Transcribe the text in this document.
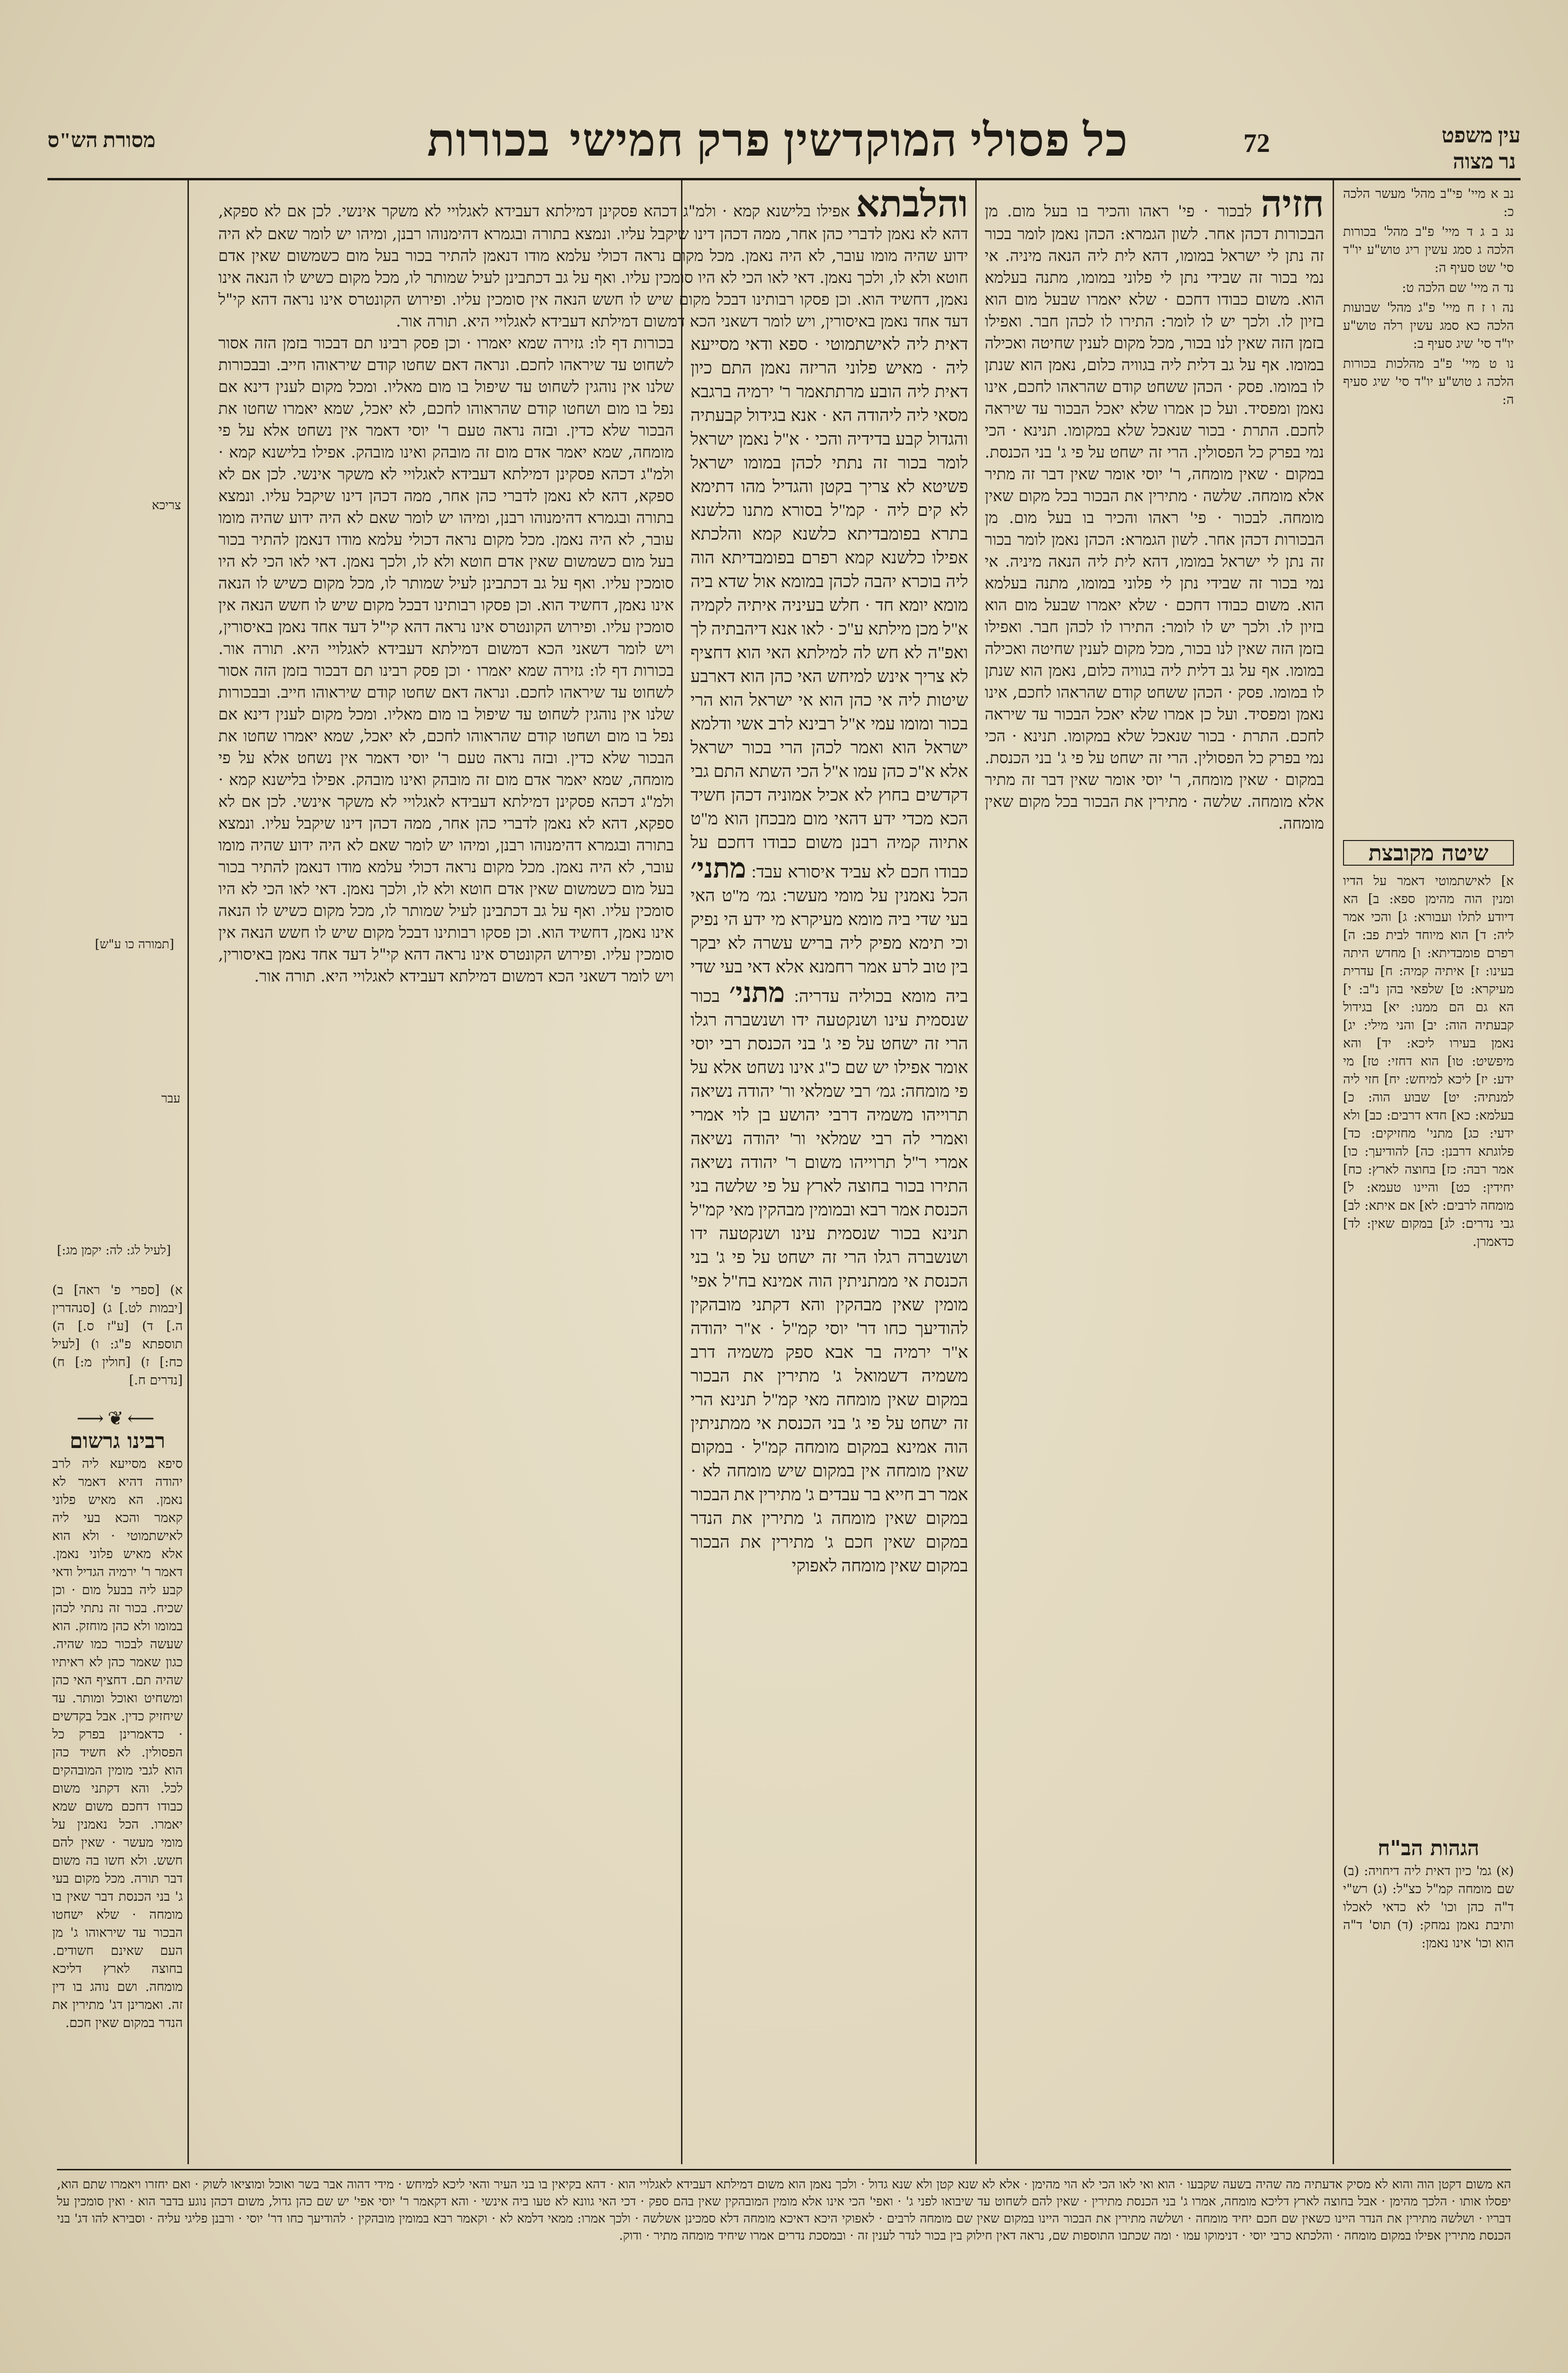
מסורת הש"ס	עין משפט
נר מצוה
72
כל פסולי המוקדשין פרק חמישי
בכורות
נב א מיי' פי"ב מהל' מעשר הלכה כ:
נג ב ג ד מיי' פ"ב מהל' בכורות הלכה ג סמג עשין ריג טוש"ע יו"ד סי' שט סעיף ה:
נד ה מיי' שם הלכה ט:
נה ו ז ח מיי' פ"ג מהל' שבועות הלכה כא סמג עשין רלה טוש"ע יו"ד סי' שיג סעיף ב:
נו ט מיי' פ"ב מהלכות בכורות הלכה ג טוש"ע יו"ד סי' שיג סעיף ה:
שיטה מקובצת
א] לאישתמוטי דאמר על הדיו ומנין הוה מהימן ספא: ב] הא דיודע לתלו ועבורא: ג] והכי אמר ליה: ד] הוא מיוחד לבית פב: ה] רפרם פומבדיתא: ו] מחדש היתה בעינו: ז] איתיה קמיה: ח] עדרית מעיקרא: ט] שלפאי בהן נ"ב: י] הא גם הם ממנו: יא] בגידול קבעתיה הוה: יב] והני מילי: יג] נאמן בעירו ליכא: יד] והא מיפשיט: טו] הוא דחזי: טז] מי ידע: יז] ליכא למיחש: יח] חזי ליה למנתיה: יט] שבוע הוה: כ] בעלמא: כא] חדא דרבים: כב] ולא ידעי: כג] מתני' מחזיקים: כד] פלוגתא דרבנן: כה] להודיעך: כו] אמר רבה: כז] בחוצה לארץ: כח] יחידין: כט] והיינו טעמא: ל] מומחה לרבים: לא] אם איתא: לב] גבי נדרים: לג] במקום שאין: לד] כדאמרן.
הגהות הב"ח
(א) גמ' כיון דאית ליה דיחויה: (ב) שם מומחה קמ"ל כצ"ל: (ג) רש"י ד"ה כהן וכו' לא כדאי לאכלו ותיבת נאמן נמחק: (ד) תוס' ד"ה הוא וכו' אינו נאמן:
חזיה לבכור · פי' ראהו והכיר בו בעל מום. מן הבכורות דכהן אחר. לשון הגמרא: הכהן נאמן לומר בכור זה נתן לי ישראל במומו, דהא לית ליה הנאה מיניה. אי נמי בכור זה שבידי נתן לי פלוני במומו, מתנה בעלמא הוא. משום כבודו דחכם · שלא יאמרו שבעל מום הוא בזיון לו. ולכך יש לו לומר: התירו לו לכהן חבר. ואפילו בזמן הזה שאין לנו בכור, מכל מקום לענין שחיטה ואכילה במומו. אף על גב דלית ליה בגוויה כלום, נאמן הוא שנתן לו במומו. פסק · הכהן ששחט קודם שהראהו לחכם, אינו נאמן ומפסיד. ועל כן אמרו שלא יאכל הבכור עד שיראה לחכם. התרת · בכור שנאכל שלא במקומו. תנינא · הכי נמי בפרק כל הפסולין. הרי זה ישחט על פי ג' בני הכנסת. במקום · שאין מומחה, ר' יוסי אומר שאין דבר זה מתיר אלא מומחה. שלשה · מתירין את הבכור בכל מקום שאין מומחה. לבכור · פי' ראהו והכיר בו בעל מום. מן הבכורות דכהן אחר. לשון הגמרא: הכהן נאמן לומר בכור זה נתן לי ישראל במומו, דהא לית ליה הנאה מיניה. אי נמי בכור זה שבידי נתן לי פלוני במומו, מתנה בעלמא הוא. משום כבודו דחכם · שלא יאמרו שבעל מום הוא בזיון לו. ולכך יש לו לומר: התירו לו לכהן חבר. ואפילו בזמן הזה שאין לנו בכור, מכל מקום לענין שחיטה ואכילה במומו. אף על גב דלית ליה בגוויה כלום, נאמן הוא שנתן לו במומו. פסק · הכהן ששחט קודם שהראהו לחכם, אינו נאמן ומפסיד. ועל כן אמרו שלא יאכל הבכור עד שיראה לחכם. התרת · בכור שנאכל שלא במקומו. תנינא · הכי נמי בפרק כל הפסולין. הרי זה ישחט על פי ג' בני הכנסת. במקום · שאין מומחה, ר' יוסי אומר שאין דבר זה מתיר אלא מומחה. שלשה · מתירין את הבכור בכל מקום שאין מומחה.
והלבתא אפילו בלישנא קמא · ולמ"ג דכהא פסקינן דמילתא דעבידא לאגלויי לא משקר אינשי. לכן אם לא ספקא, דהא לא נאמן לדברי כהן אחר, ממה דכהן דינו שיקבל עליו. ונמצא בתורה ובגמרא דהימנוהו רבנן, ומיהו יש לומר שאם לא היה ידוע שהיה מומו עובר, לא היה נאמן. מכל מקום נראה דכולי עלמא מודו דנאמן להתיר בכור בעל מום כשמשום שאין אדם חוטא ולא לו, ולכך נאמן. דאי לאו הכי לא היו סומכין עליו. ואף על גב דכתבינן לעיל שמותר לו, מכל מקום כשיש לו הנאה אינו נאמן, דחשיד הוא. וכן פסקו רבותינו דבכל מקום שיש לו חשש הנאה אין סומכין עליו. ופירוש הקונטרס אינו נראה דהא קי"ל דעד אחד נאמן באיסורין, ויש לומר דשאני הכא דמשום דמילתא דעבידא לאגלויי היא. תורה אור.
דאית ליה לאישתמוטי · ספא ודאי מסייעא ליה · מאיש פלוני הריזה נאמן התם כיון דאית ליה הובע מרתתאמר ר' ירמיה ברגבא מסאי ליה ליהודה הא · אנא בגידול קבעתיה והגדול קבע בדידיה והכי · א"ל נאמן ישראל לומר בכור זה נתתי לכהן במומו ישראל פשיטא לא צריך בקטן והגדיל מהו דתימא לא קים ליה · קמ"ל בסורא מתנו כלשנא בתרא בפומבדיתא כלשנא קמא והלכתא אפילו כלשנא קמא רפרם בפומבדיתא הוה ליה בוכרא יהבה לכהן במומא אול שדא ביה מומא יומא חד · חלש בעיניה איתיה לקמיה א"ל מכן מילתא ע"כ · לאו אנא דיהבתיה לך ואפ"ה לא חש לה למילתא האי הוא דחציף לא צריך אינש למיחש האי כהן הוא דארבע שיטות ליה אי כהן הוא אי ישראל הוא הרי בכור ומומו עמי א"ל רבינא לרב אשי ודלמא ישראל הוא ואמר לכהן הרי בכור ישראל אלא א"כ כהן עמו א"ל הכי השתא התם גבי דקדשים בחוץ לא אכיל אמוניה דכהן חשיד הכא מכדי ידע דהאי מום מבכחן הוא מ"ט אתיוה קמיה רבנן משום כבודו דחכם על כבודו חכם לא עביד איסורא עבד: מתני׳ הכל נאמנין על מומי מעשר: גמ׳ מ"ט האי בעי שדי ביה מומא מעיקרא מי ידע הי נפיק וכי תימא מפיק ליה בריש עשרה לא יבקר בין טוב לרע אמר רחמנא אלא דאי בעי שדי ביה מומא בכוליה עדריה: מתני׳ בכור שנסמית עינו ושנקטעה ידו ושנשברה רגלו הרי זה ישחט על פי ג' בני הכנסת רבי יוסי אומר אפילו יש שם כ"ג אינו נשחט אלא על פי מומחה: גמ׳ רבי שמלאי ור' יהודה נשיאה תרוייהו משמיה דרבי יהושע בן לוי אמרי ואמרי לה רבי שמלאי ור' יהודה נשיאה אמרי ר"ל תרוייהו משום ר' יהודה נשיאה התירו בכור בחוצה לארץ על פי שלשה בני הכנסת אמר רבא ובמומין מבהקין מאי קמ"ל תנינא בכור שנסמית עינו ושנקטעה ידו ושנשברה רגלו הרי זה ישחט על פי ג' בני הכנסת אי ממתניתין הוה אמינא בח"ל אפי' מומין שאין מבהקין והא דקתני מובהקין להודיעך כחו דר' יוסי קמ"ל · א"ר יהודה א"ר ירמיה בר אבא ספק משמיה דרב משמיה דשמואל ג' מתירין את הבכור במקום שאין מומחה מאי קמ"ל תנינא הרי זה ישחט על פי ג' בני הכנסת אי ממתניתין הוה אמינא במקום מומחה קמ"ל · במקום שאין מומחה אין במקום שיש מומחה לא · אמר רב חייא בר עבדים ג' מתירין את הבכור במקום שאין מומחה ג' מתירין את הנדר במקום שאין חכם ג' מתירין את הבכור במקום שאין מומחה לאפוקי
בכורות דף לו: גזירה שמא יאמרו · וכן פסק רבינו תם דבכור בזמן הזה אסור לשחוט עד שיראהו לחכם. ונראה דאם שחטו קודם שיראוהו חייב. ובבכורות שלנו אין נוהגין לשחוט עד שיפול בו מום מאליו. ומכל מקום לענין דינא אם נפל בו מום ושחטו קודם שהראוהו לחכם, לא יאכל, שמא יאמרו שחטו את הבכור שלא כדין. ובזה נראה טעם ר' יוסי דאמר אין נשחט אלא על פי מומחה, שמא יאמר אדם מום זה מובהק ואינו מובהק. אפילו בלישנא קמא · ולמ"ג דכהא פסקינן דמילתא דעבידא לאגלויי לא משקר אינשי. לכן אם לא ספקא, דהא לא נאמן לדברי כהן אחר, ממה דכהן דינו שיקבל עליו. ונמצא בתורה ובגמרא דהימנוהו רבנן, ומיהו יש לומר שאם לא היה ידוע שהיה מומו עובר, לא היה נאמן. מכל מקום נראה דכולי עלמא מודו דנאמן להתיר בכור בעל מום כשמשום שאין אדם חוטא ולא לו, ולכך נאמן. דאי לאו הכי לא היו סומכין עליו. ואף על גב דכתבינן לעיל שמותר לו, מכל מקום כשיש לו הנאה אינו נאמן, דחשיד הוא. וכן פסקו רבותינו דבכל מקום שיש לו חשש הנאה אין סומכין עליו. ופירוש הקונטרס אינו נראה דהא קי"ל דעד אחד נאמן באיסורין, ויש לומר דשאני הכא דמשום דמילתא דעבידא לאגלויי היא. תורה אור. בכורות דף לו: גזירה שמא יאמרו · וכן פסק רבינו תם דבכור בזמן הזה אסור לשחוט עד שיראהו לחכם. ונראה דאם שחטו קודם שיראוהו חייב. ובבכורות שלנו אין נוהגין לשחוט עד שיפול בו מום מאליו. ומכל מקום לענין דינא אם נפל בו מום ושחטו קודם שהראוהו לחכם, לא יאכל, שמא יאמרו שחטו את הבכור שלא כדין. ובזה נראה טעם ר' יוסי דאמר אין נשחט אלא על פי מומחה, שמא יאמר אדם מום זה מובהק ואינו מובהק. אפילו בלישנא קמא · ולמ"ג דכהא פסקינן דמילתא דעבידא לאגלויי לא משקר אינשי. לכן אם לא ספקא, דהא לא נאמן לדברי כהן אחר, ממה דכהן דינו שיקבל עליו. ונמצא בתורה ובגמרא דהימנוהו רבנן, ומיהו יש לומר שאם לא היה ידוע שהיה מומו עובר, לא היה נאמן. מכל מקום נראה דכולי עלמא מודו דנאמן להתיר בכור בעל מום כשמשום שאין אדם חוטא ולא לו, ולכך נאמן. דאי לאו הכי לא היו סומכין עליו. ואף על גב דכתבינן לעיל שמותר לו, מכל מקום כשיש לו הנאה אינו נאמן, דחשיד הוא. וכן פסקו רבותינו דבכל מקום שיש לו חשש הנאה אין סומכין עליו. ופירוש הקונטרס אינו נראה דהא קי"ל דעד אחד נאמן באיסורין, ויש לומר דשאני הכא דמשום דמילתא דעבידא לאגלויי היא. תורה אור.
צריכא
[תמורה כו ע"ש]
עבר
[לעיל לג: לה: יקמן מג:]
⟵❦⟶
רבינו גרשום
סיפא מסייעא ליה לרב יהודה דהיא דאמר לא נאמן. הא מאיש פלוני קאמר והכא בעי ליה לאישתמוטי · ולא הוא אלא מאיש פלוני נאמן. דאמר ר' ירמיה הגדיל ודאי קבע ליה בבעל מום · וכן שכיח. בכור זה נתתי לכהן במומו ולא כהן מוחזק. הוא שעשה לבכור כמו שהיה. כגון שאמר כהן לא ראיתיו שהיה תם. דחציף האי כהן ומשחיט ואוכל ומותר. עד שיחזיק כדין. אבל בקדשים · כדאמרינן בפרק כל הפסולין. לא חשיד כהן הוא לגבי מומין המובהקים לכל. והא דקתני משום כבודו דחכם משום שמא יאמרו. הכל נאמנין על מומי מעשר · שאין להם חשש. ולא חשו בה משום דבר תורה. מכל מקום בעי ג' בני הכנסת דבר שאין בו מומחה · שלא ישחטו הבכור עד שיראוהו ג' מן העם שאינם חשודים. בחוצה לארץ דליכא מומחה. ושם נוהג בו דין זה. ואמרינן דג' מתירין את הנדר במקום שאין חכם.
א) [ספרי פ' ראה] ב) [יבמות לט.] ג) [סנהדרין ה.] ד) [ע"ז ס.] ה) תוספתא פ"ג: ו) [לעיל כח:] ז) [חולין מ:] ח) [נדרים ח.]
הא משום דקטן הוה והוא לא מסיק אדעתיה מה שהיה בשעה שקבעו · הוא ואי לאו הכי לא הוי מהימן · אלא לא שנא קטן ולא שנא גדול · ולכך נאמן הוא משום דמילתא דעבידא לאגלויי הוא · דהא בקיאין בו בני העיר והאי ליכא למיחש · מידי דהוה אבר בשר ואוכל ומוציאו לשוק · ואם יחזרו ויאמרו שתם הוא, יפסלו אותו · הלכך מהימן · אבל בחוצה לארץ דליכא מומחה, אמרו ג' בני הכנסת מתירין · שאין להם לשחוט עד שיבואו לפני ג' · ואפי' הכי אינו אלא מומין המובהקין שאין בהם ספק · דכי האי גוונא לא טעו ביה אינשי · והא דקאמר ר' יוסי אפי' יש שם כהן גדול, משום דכהן נוגע בדבר הוא · ואין סומכין על דבריו · ושלשה מתירין את הנדר היינו כשאין שם חכם יחיד מומחה · ושלשה מתירין את הבכור היינו במקום שאין שם מומחה לרבים · לאפוקי היכא דאיכא מומחה דלא סמכינן אשלשה · ולכך אמרו: ממאי דלמא לא · וקאמר רבא במומין מובהקין · להודיעך כחו דר' יוסי · ורבנן פליגי עליה · וסבירא להו דג' בני הכנסת מתירין אפילו במקום מומחה · והלכתא כרבי יוסי · דנימוקו עמו · ומה שכתבו התוספות שם, נראה דאין חילוק בין בכור לנדר לענין זה · ובמסכת נדרים אמרו שיחיד מומחה מתיר · ודוק.
